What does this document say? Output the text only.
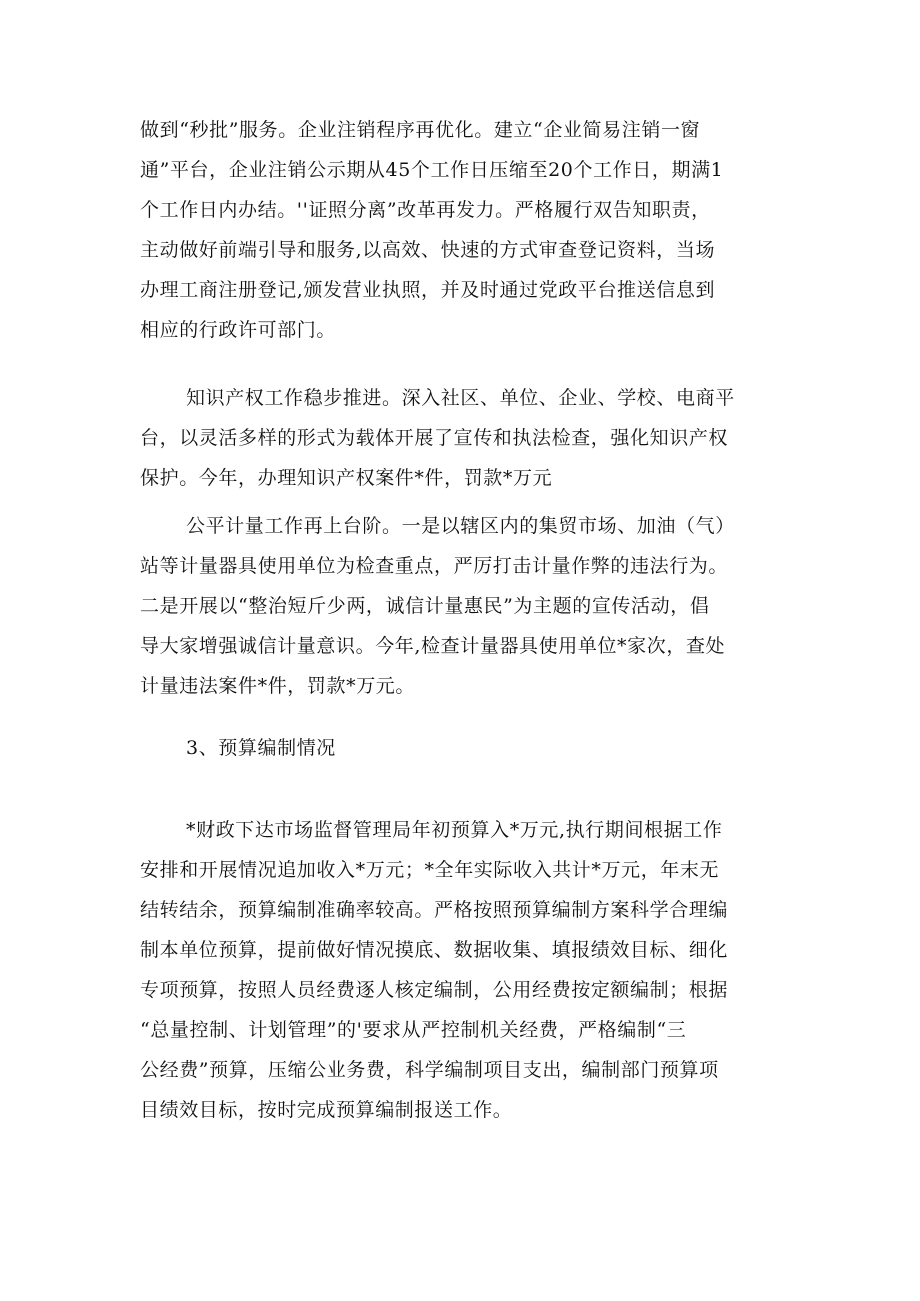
做到“秒批”服务。企业注销程序再优化。建立“企业简易注销一窗
通”平台，企业注销公示期从45个工作日压缩至20个工作日，期满1
个工作日内办结。''证照分离”改革再发力。严格履行双告知职责，
主动做好前端引导和服务,以高效、快速的方式审查登记资料，当场
办理工商注册登记,颁发营业执照，并及时通过党政平台推送信息到
相应的行政许可部门。
知识产权工作稳步推进。深入社区、单位、企业、学校、电商平
台，以灵活多样的形式为载体开展了宣传和执法检查，强化知识产权
保护。今年，办理知识产权案件*件，罚款*万元
公平计量工作再上台阶。一是以辖区内的集贸市场、加油（气）
站等计量器具使用单位为检查重点，严厉打击计量作弊的违法行为。
二是开展以“整治短斤少两，诚信计量惠民”为主题的宣传活动，倡
导大家增强诚信计量意识。今年,检查计量器具使用单位*家次，查处
计量违法案件*件，罚款*万元。
3、预算编制情况
*财政下达市场监督管理局年初预算入*万元,执行期间根据工作
安排和开展情况追加收入*万元；*全年实际收入共计*万元，年末无
结转结余，预算编制准确率较高。严格按照预算编制方案科学合理编
制本单位预算，提前做好情况摸底、数据收集、填报绩效目标、细化
专项预算，按照人员经费逐人核定编制，公用经费按定额编制；根据
“总量控制、计划管理”的'要求从严控制机关经费，严格编制“三
公经费”预算，压缩公业务费，科学编制项目支出，编制部门预算项
目绩效目标，按时完成预算编制报送工作。
